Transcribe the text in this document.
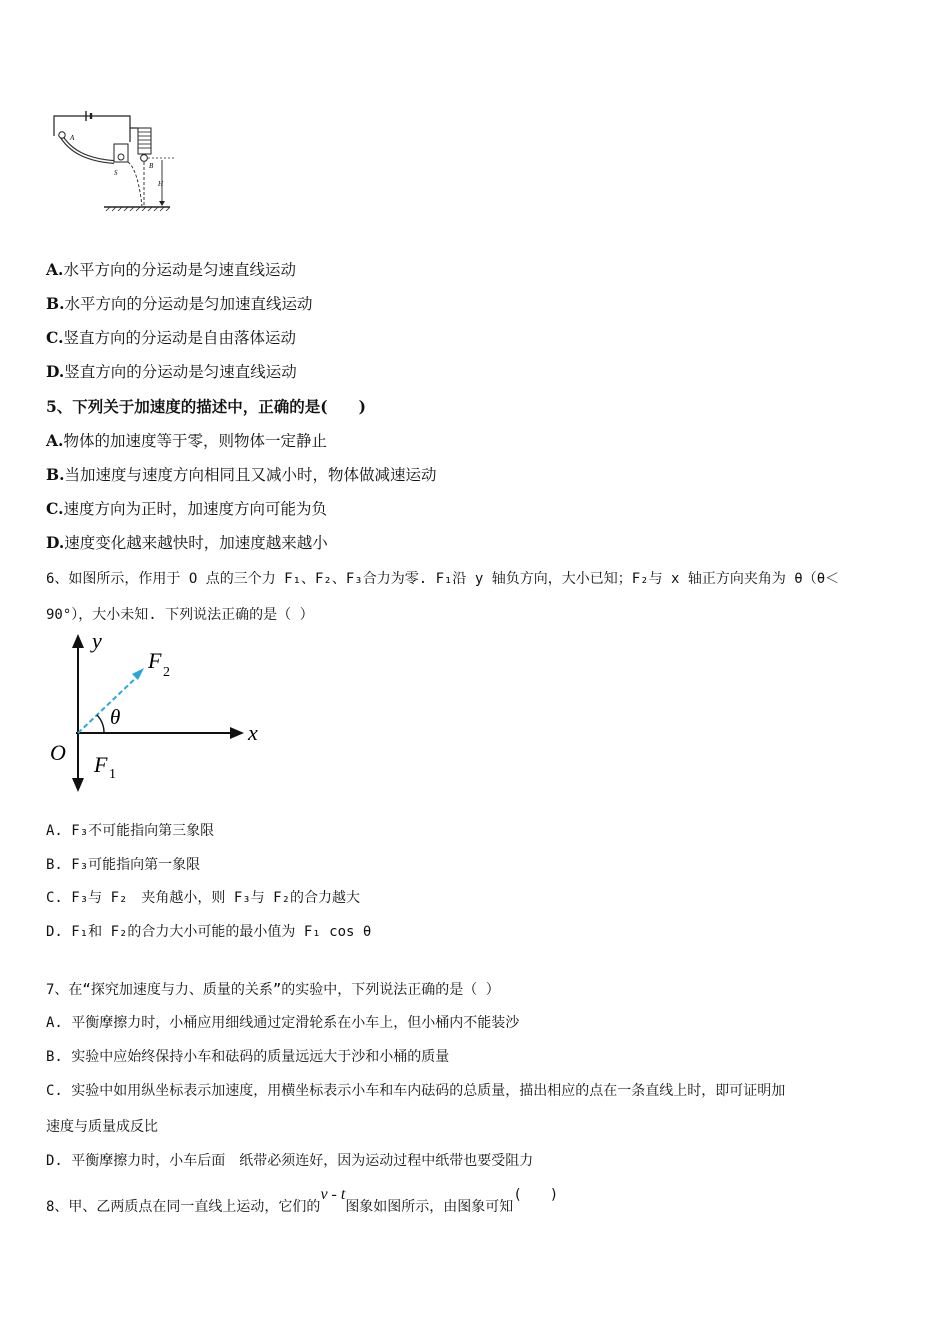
A
S
B
H
A.水平方向的分运动是匀速直线运动
B.水平方向的分运动是匀加速直线运动
C.竖直方向的分运动是自由落体运动
D.竖直方向的分运动是匀速直线运动
5、下列关于加速度的描述中，正确的是(　　)
A.物体的加速度等于零，则物体一定静止
B.当加速度与速度方向相同且又减小时，物体做减速运动
C.速度方向为正时，加速度方向可能为负
D.速度变化越来越快时，加速度越来越小
6、如图所示，作用于 O 点的三个力 F₁、F₂、F₃合力为零. F₁沿 y 轴负方向，大小已知；F₂与 x 轴正方向夹角为 θ（θ＜
90°），大小未知. 下列说法正确的是（ ）
y
x
O
θ
F 2
F 1
A. F₃不可能指向第三象限
B. F₃可能指向第一象限
C. F₃与 F₂　夹角越小，则 F₃与 F₂的合力越大
D. F₁和 F₂的合力大小可能的最小值为 F₁ cos θ
7、在“探究加速度与力、质量的关系”的实验中，下列说法正确的是（ ）
A. 平衡摩擦力时，小桶应用细线通过定滑轮系在小车上，但小桶内不能装沙
B. 实验中应始终保持小车和砝码的质量远远大于沙和小桶的质量
C. 实验中如用纵坐标表示加速度，用横坐标表示小车和车内砝码的总质量，描出相应的点在一条直线上时，即可证明加
速度与质量成反比
D. 平衡摩擦力时，小车后面　纸带必须连好，因为运动过程中纸带也要受阻力
8、甲、乙两质点在同一直线上运动，它们的v - t图象如图所示，由图象可知(　　)
